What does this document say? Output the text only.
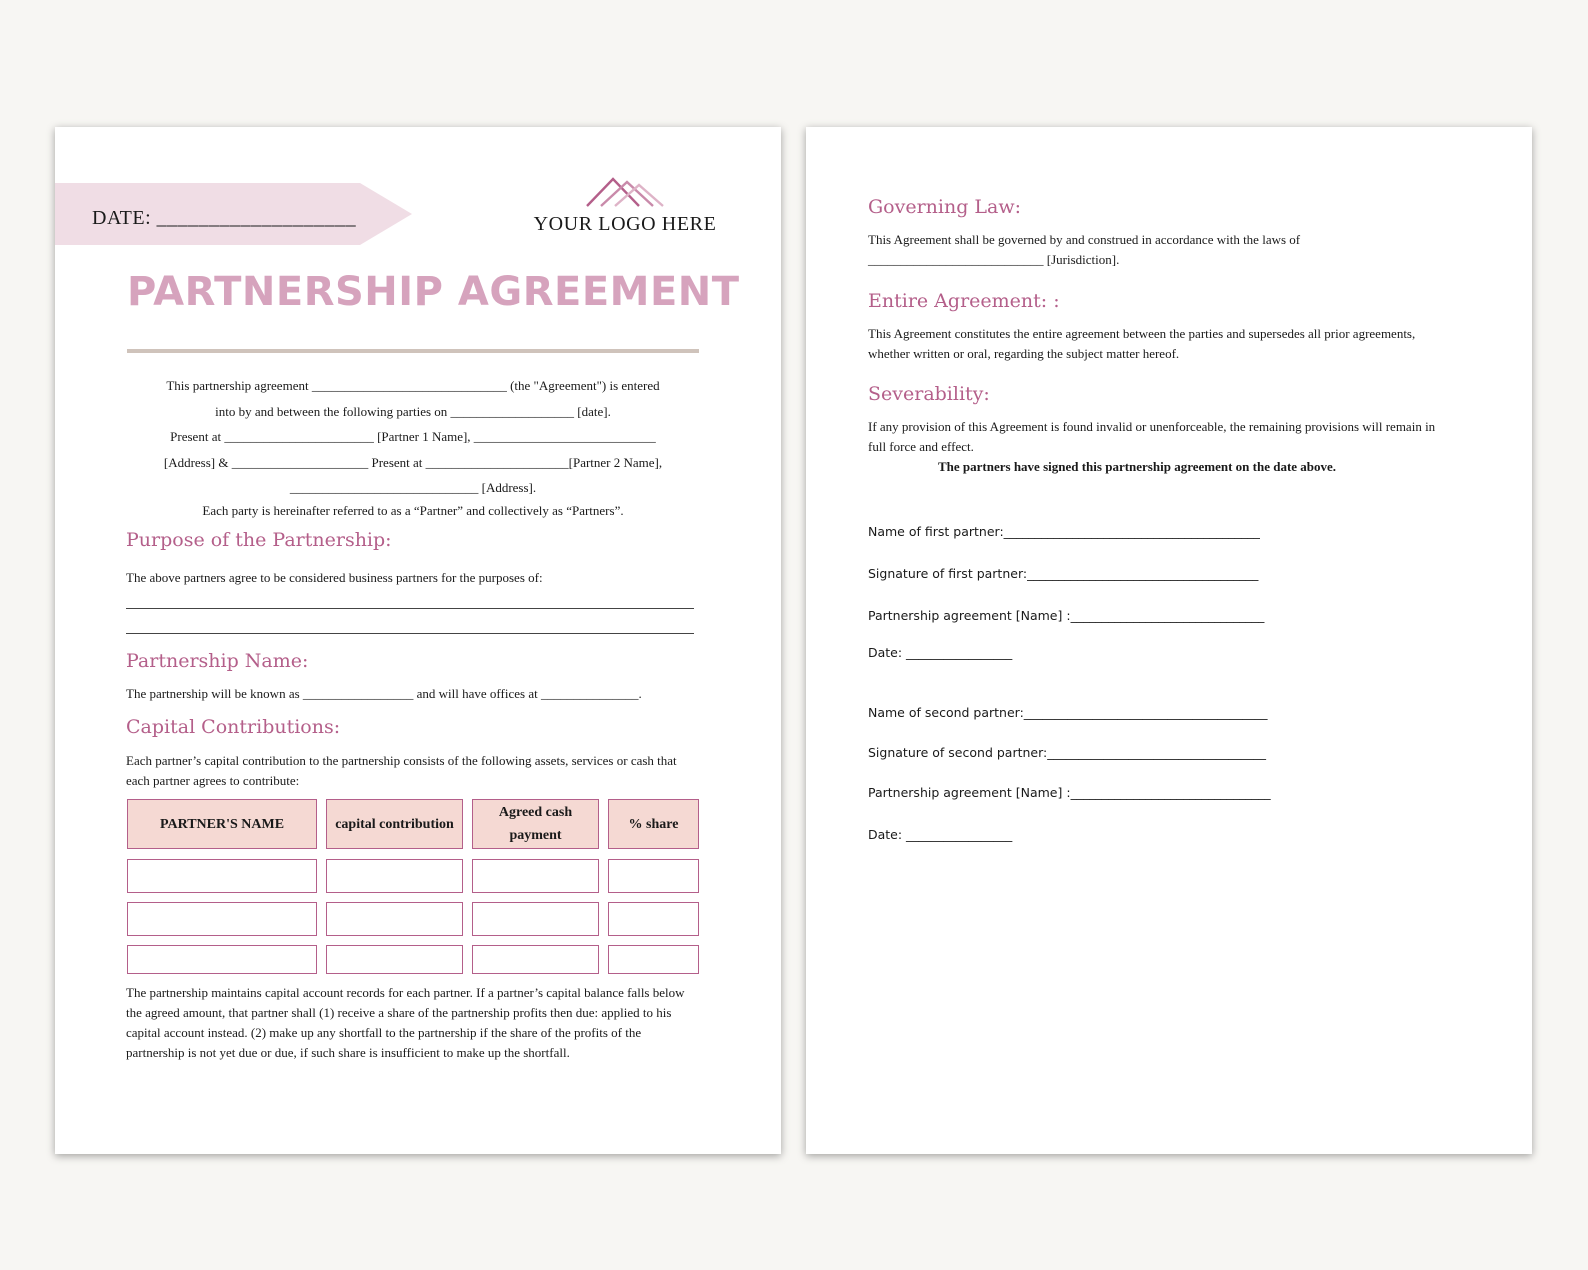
DATE: ___________________	YOUR LOGO HERE
PARTNERSHIP AGREEMENT
This partnership agreement ______________________________ (the "Agreement") is entered
into by and between the following parties on ___________________ [date].
Present at _______________________ [Partner 1 Name], ____________________________
[Address] & _____________________ Present at ______________________[Partner 2 Name],
_____________________________ [Address].
Each party is hereinafter referred to as a “Partner” and collectively as “Partners”.
Purpose of the Partnership:
The above partners agree to be considered business partners for the purposes of:
Partnership Name:
The partnership will be known as _________________ and will have offices at _______________.
Capital Contributions:
Each partner’s capital contribution to the partnership consists of the following assets, services or cash that each partner agrees to contribute:
PARTNER'S NAME	capital contribution
Agreed cash payment
% share
The partnership maintains capital account records for each partner. If a partner’s capital balance falls below the agreed amount, that partner shall (1) receive a share of the partnership profits then due: applied to his capital account instead. (2) make up any shortfall to the partnership if the share of the profits of the partnership is not yet due or due, if such share is insufficient to make up the shortfall.
Governing Law:
This Agreement shall be governed by and construed in accordance with the laws of ___________________________ [Jurisdiction].
Entire Agreement: :
This Agreement constitutes the entire agreement between the parties and supersedes all prior agreements, whether written or oral, regarding the subject matter hereof.
Severability:
If any provision of this Agreement is found invalid or unenforceable, the remaining provisions will remain in full force and effect.
The partners have signed this partnership agreement on the date above.
Name of first partner:_________________________________________
Signature of first partner:_____________________________________
Partnership agreement [Name] :_______________________________
Date: _________________
Name of second partner:_______________________________________
Signature of second partner:___________________________________
Partnership agreement [Name] :________________________________
Date: _________________
